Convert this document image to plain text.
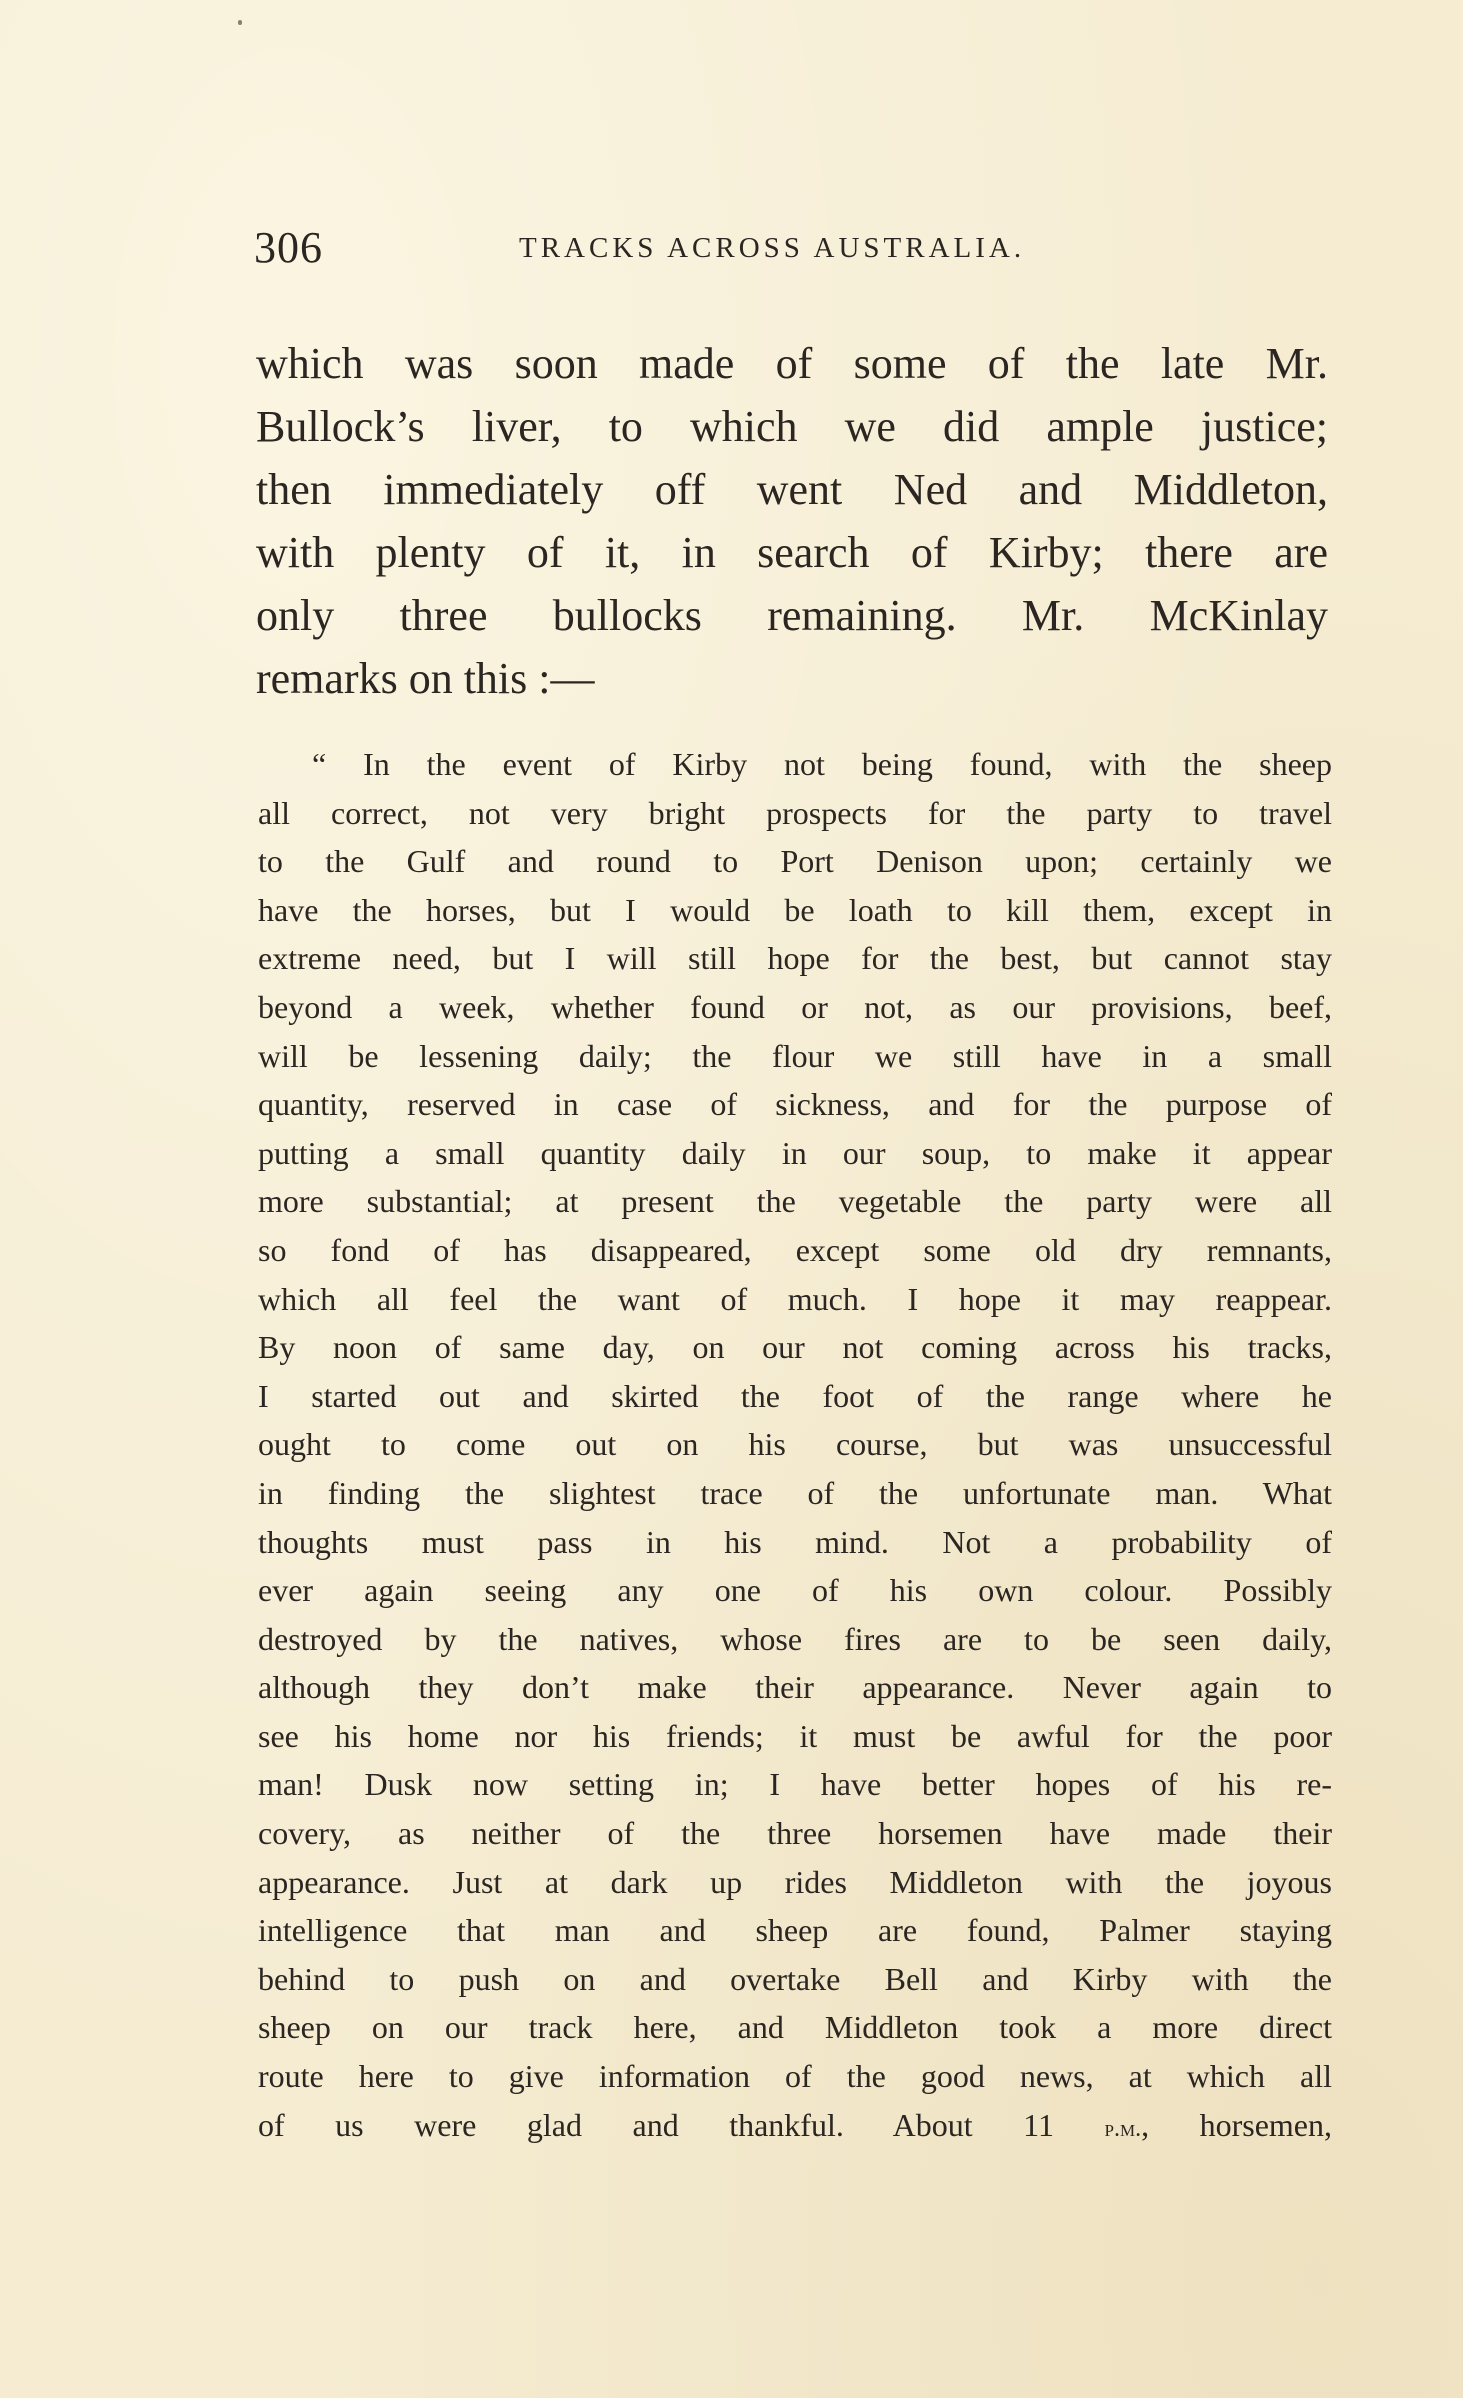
306	TRACKS ACROSS AUSTRALIA.
which was soon made of some of the late Mr.
Bullock’s liver, to which we did ample justice;
then immediately off went Ned and Middleton,
with plenty of it, in search of Kirby; there are
only three bullocks remaining. Mr. McKinlay
remarks on this :—
“ In the event of Kirby not being found, with the sheep
all correct, not very bright prospects for the party to travel
to the Gulf and round to Port Denison upon; certainly we
have the horses, but I would be loath to kill them, except in
extreme need, but I will still hope for the best, but cannot stay
beyond a week, whether found or not, as our provisions, beef,
will be lessening daily; the flour we still have in a small
quantity, reserved in case of sickness, and for the purpose of
putting a small quantity daily in our soup, to make it appear
more substantial; at present the vegetable the party were all
so fond of has disappeared, except some old dry remnants,
which all feel the want of much. I hope it may reappear.
By noon of same day, on our not coming across his tracks,
I started out and skirted the foot of the range where he
ought to come out on his course, but was unsuccessful
in finding the slightest trace of the unfortunate man. What
thoughts must pass in his mind. Not a probability of
ever again seeing any one of his own colour. Possibly
destroyed by the natives, whose fires are to be seen daily,
although they don’t make their appearance. Never again to
see his home nor his friends; it must be awful for the poor
man! Dusk now setting in; I have better hopes of his re-
covery, as neither of the three horsemen have made their
appearance. Just at dark up rides Middleton with the joyous
intelligence that man and sheep are found, Palmer staying
behind to push on and overtake Bell and Kirby with the
sheep on our track here, and Middleton took a more direct
route here to give information of the good news, at which all
of us were glad and thankful. About 11 p.m., horsemen,
